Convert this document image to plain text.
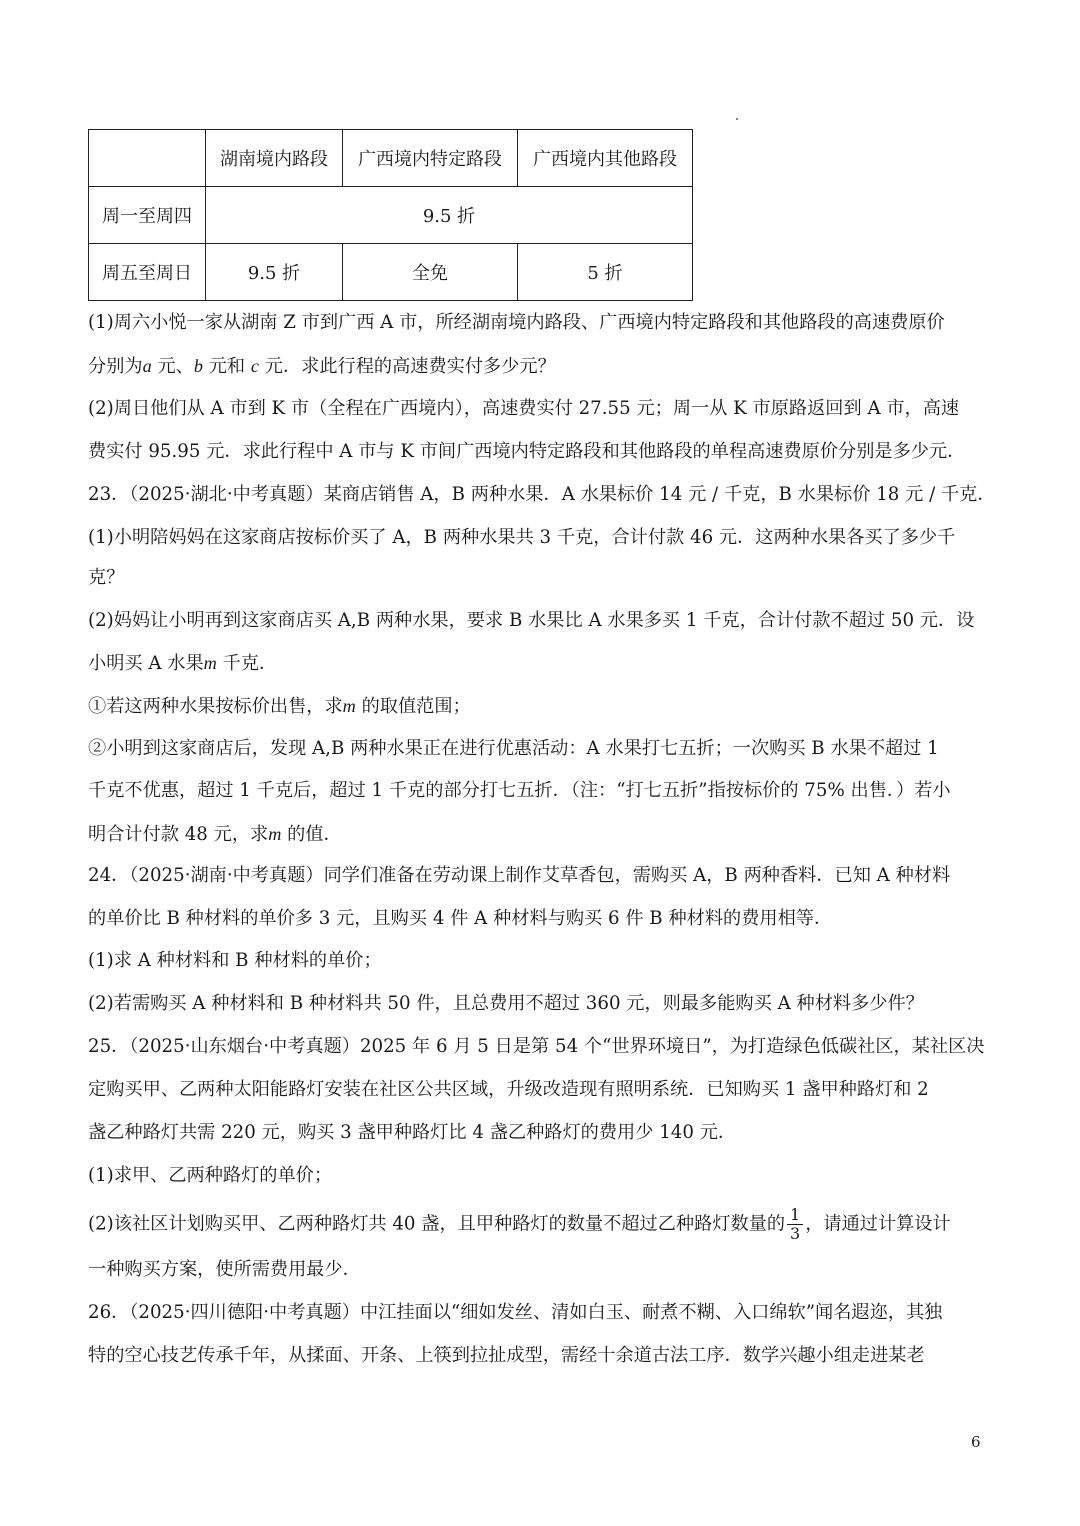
	湖南境内路段	广西境内特定路段	广西境内其他路段
周一至周四	9.5 折		
周五至周日	9.5 折	全免	5 折
(1)周六小悦一家从湖南 Z 市到广西 A 市，所经湖南境内路段、广西境内特定路段和其他路段的高速费原价
分别为a 元、b 元和 c 元．求此行程的高速费实付多少元？
(2)周日他们从 A 市到 K 市（全程在广西境内），高速费实付 27.55 元；周一从 K 市原路返回到 A 市，高速
费实付 95.95 元．求此行程中 A 市与 K 市间广西境内特定路段和其他路段的单程高速费原价分别是多少元．
23．（2025·湖北·中考真题）某商店销售 A，B 两种水果．A 水果标价 14 元 / 千克，B 水果标价 18 元 / 千克．
(1)小明陪妈妈在这家商店按标价买了 A，B 两种水果共 3 千克，合计付款 46 元．这两种水果各买了多少千
克？
(2)妈妈让小明再到这家商店买 A,B 两种水果，要求 B 水果比 A 水果多买 1 千克，合计付款不超过 50 元．设
小明买 A 水果m 千克．
①若这两种水果按标价出售，求m 的取值范围；
②小明到这家商店后，发现 A,B 两种水果正在进行优惠活动：A 水果打七五折；一次购买 B 水果不超过 1
千克不优惠，超过 1 千克后，超过 1 千克的部分打七五折．（注：“打七五折”指按标价的 75% 出售．）若小
明合计付款 48 元，求m 的值．
24．（2025·湖南·中考真题）同学们准备在劳动课上制作艾草香包，需购买 A，B 两种香料．已知 A 种材料
的单价比 B 种材料的单价多 3 元，且购买 4 件 A 种材料与购买 6 件 B 种材料的费用相等．
(1)求 A 种材料和 B 种材料的单价；
(2)若需购买 A 种材料和 B 种材料共 50 件，且总费用不超过 360 元，则最多能购买 A 种材料多少件？
25．（2025·山东烟台·中考真题）2025 年 6 月 5 日是第 54 个“世界环境日”，为打造绿色低碳社区，某社区决
定购买甲、乙两种太阳能路灯安装在社区公共区域，升级改造现有照明系统．已知购买 1 盏甲种路灯和 2
盏乙种路灯共需 220 元，购买 3 盏甲种路灯比 4 盏乙种路灯的费用少 140 元．
(1)求甲、乙两种路灯的单价；
(2)该社区计划购买甲、乙两种路灯共 40 盏，且甲种路灯的数量不超过乙种路灯数量的 $\frac{1}{3}$ ，请通过计算设计
一种购买方案，使所需费用最少．
26．（2025·四川德阳·中考真题）中江挂面以“细如发丝、清如白玉、耐煮不糊、入口绵软”闻名遐迩，其独
特的空心技艺传承千年，从揉面、开条、上筷到拉扯成型，需经十余道古法工序．数学兴趣小组走进某老
6
